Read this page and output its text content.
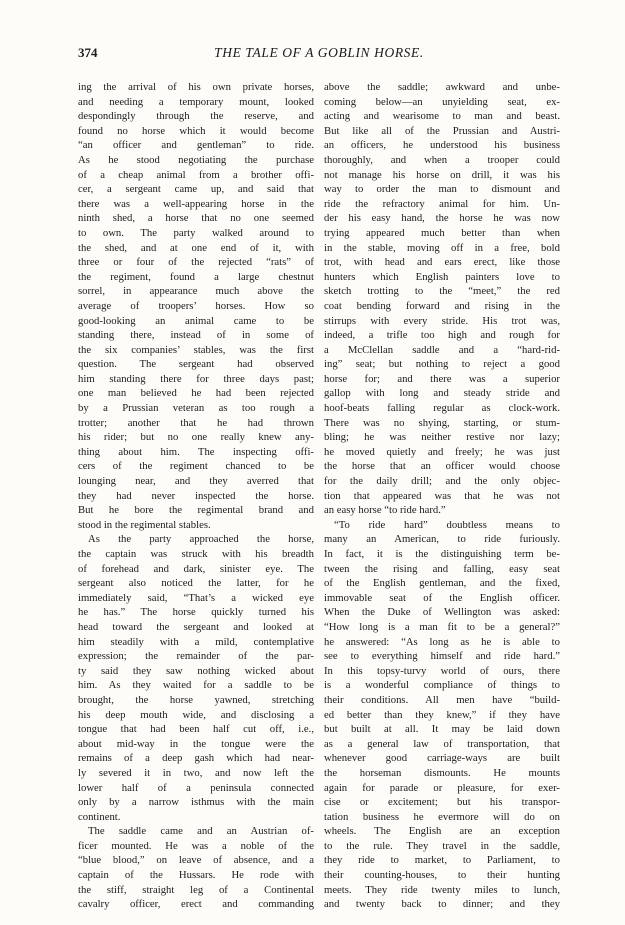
374	THE TALE OF A GOBLIN HORSE.
ing the arrival of his own private horses,
and needing a temporary mount, looked
despondingly through the reserve, and
found no horse which it would become
“an officer and gentleman” to ride.
As he stood negotiating the purchase
of a cheap animal from a brother offi-
cer, a sergeant came up, and said that
there was a well-appearing horse in the
ninth shed, a horse that no one seemed
to own. The party walked around to
the shed, and at one end of it, with
three or four of the rejected “rats” of
the regiment, found a large chestnut
sorrel, in appearance much above the
average of troopers’ horses. How so
good-looking an animal came to be
standing there, instead of in some of
the six companies’ stables, was the first
question. The sergeant had observed
him standing there for three days past;
one man believed he had been rejected
by a Prussian veteran as too rough a
trotter; another that he had thrown
his rider; but no one really knew any-
thing about him. The inspecting offi-
cers of the regiment chanced to be
lounging near, and they averred that
they had never inspected the horse.
But he bore the regimental brand and
stood in the regimental stables.
As the party approached the horse,
the captain was struck with his breadth
of forehead and dark, sinister eye. The
sergeant also noticed the latter, for he
immediately said, “That’s a wicked eye
he has.” The horse quickly turned his
head toward the sergeant and looked at
him steadily with a mild, contemplative
expression; the remainder of the par-
ty said they saw nothing wicked about
him. As they waited for a saddle to be
brought, the horse yawned, stretching
his deep mouth wide, and disclosing a
tongue that had been half cut off, i.e.,
about mid-way in the tongue were the
remains of a deep gash which had near-
ly severed it in two, and now left the
lower half of a peninsula connected
only by a narrow isthmus with the main
continent.
The saddle came and an Austrian of-
ficer mounted. He was a noble of the
“blue blood,” on leave of absence, and a
captain of the Hussars. He rode with
the stiff, straight leg of a Continental
cavalry officer, erect and commanding
above the saddle; awkward and unbe-
coming below—an unyielding seat, ex-
acting and wearisome to man and beast.
But like all of the Prussian and Austri-
an officers, he understood his business
thoroughly, and when a trooper could
not manage his horse on drill, it was his
way to order the man to dismount and
ride the refractory animal for him. Un-
der his easy hand, the horse he was now
trying appeared much better than when
in the stable, moving off in a free, bold
trot, with head and ears erect, like those
hunters which English painters love to
sketch trotting to the “meet,” the red
coat bending forward and rising in the
stirrups with every stride. His trot was,
indeed, a trifle too high and rough for
a McClellan saddle and a “hard-rid-
ing” seat; but nothing to reject a good
horse for; and there was a superior
gallop with long and steady stride and
hoof-beats falling regular as clock-work.
There was no shying, starting, or stum-
bling; he was neither restive nor lazy;
he moved quietly and freely; he was just
the horse that an officer would choose
for the daily drill; and the only objec-
tion that appeared was that he was not
an easy horse “to ride hard.”
“To ride hard” doubtless means to
many an American, to ride furiously.
In fact, it is the distinguishing term be-
tween the rising and falling, easy seat
of the English gentleman, and the fixed,
immovable seat of the English officer.
When the Duke of Wellington was asked:
“How long is a man fit to be a general?”
he answered: “As long as he is able to
see to everything himself and ride hard.”
In this topsy-turvy world of ours, there
is a wonderful compliance of things to
their conditions. All men have “build-
ed better than they knew,” if they have
but built at all. It may be laid down
as a general law of transportation, that
whenever good carriage-ways are built
the horseman dismounts. He mounts
again for parade or pleasure, for exer-
cise or excitement; but his transpor-
tation business he evermore will do on
wheels. The English are an exception
to the rule. They travel in the saddle,
they ride to market, to Parliament, to
their counting-houses, to their hunting
meets. They ride twenty miles to lunch,
and twenty back to dinner; and they
